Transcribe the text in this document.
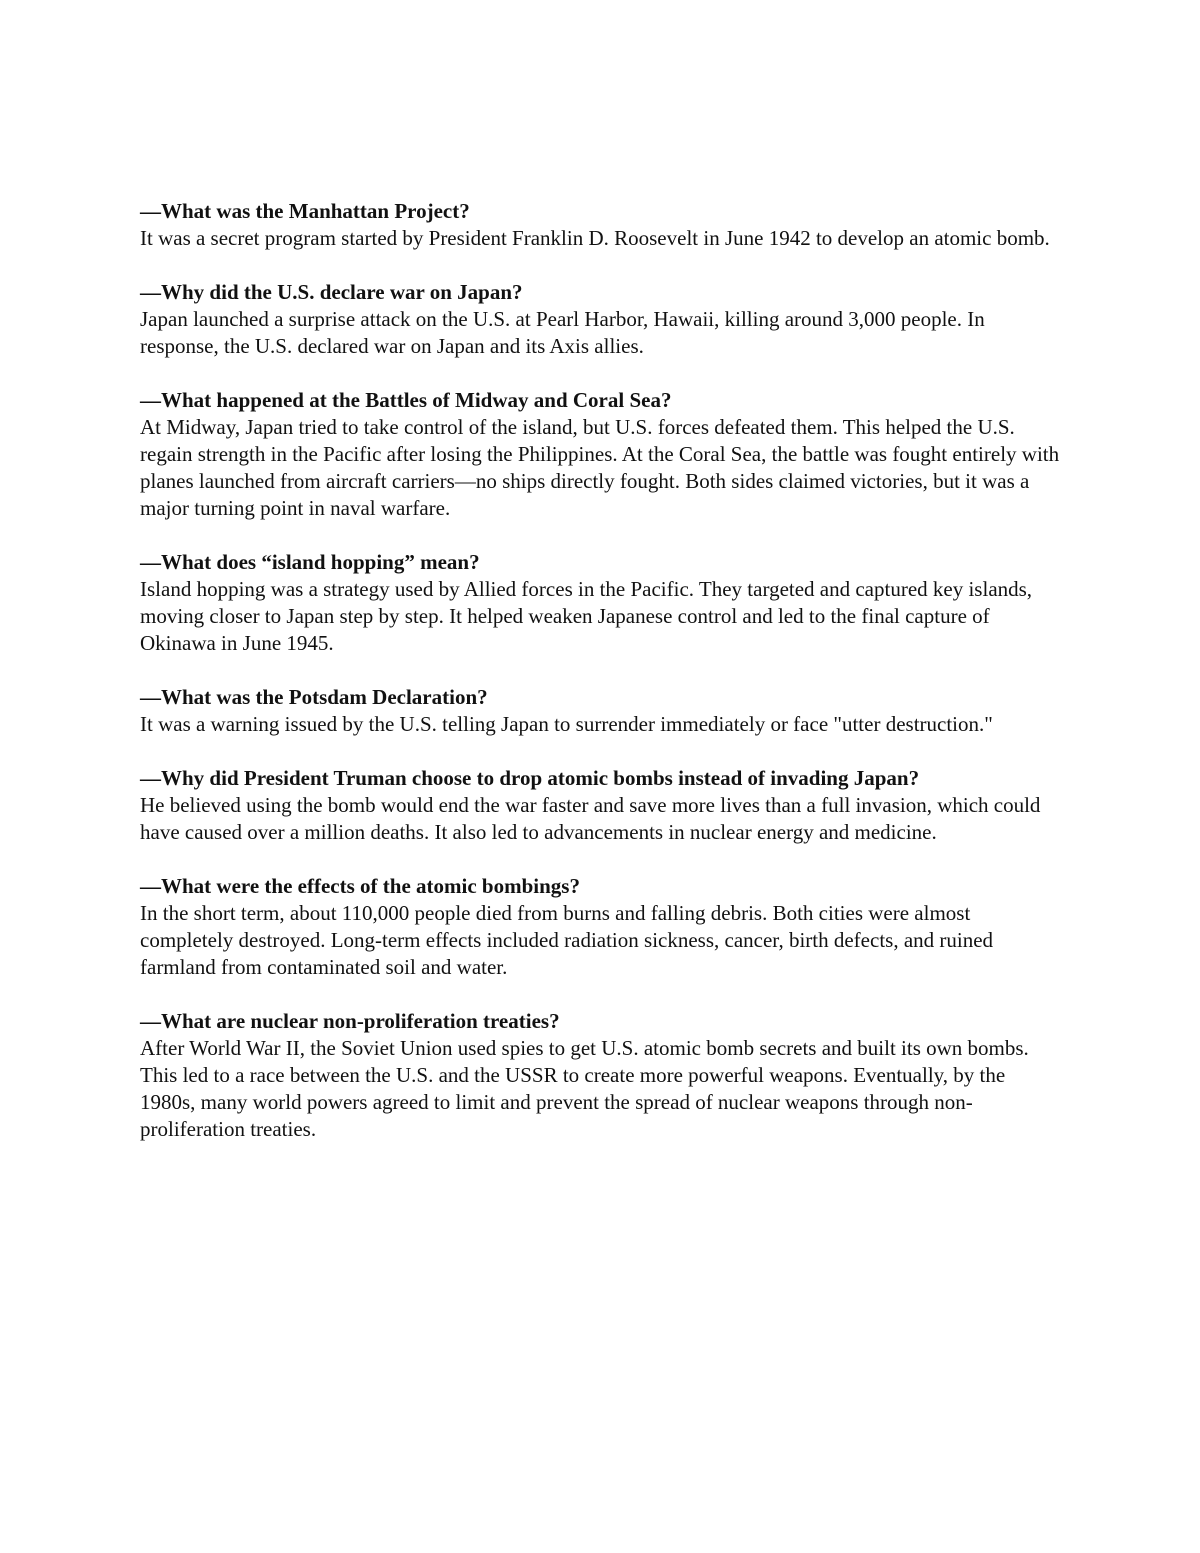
—What was the Manhattan Project?

It was a secret program started by President Franklin D. Roosevelt in June 1942 to develop an atomic bomb.

—Why did the U.S. declare war on Japan?

Japan launched a surprise attack on the U.S. at Pearl Harbor, Hawaii, killing around 3,000 people. In response, the U.S. declared war on Japan and its Axis allies.

—What happened at the Battles of Midway and Coral Sea?

At Midway, Japan tried to take control of the island, but U.S. forces defeated them. This helped the U.S. regain strength in the Pacific after losing the Philippines. At the Coral Sea, the battle was fought entirely with planes launched from aircraft carriers—no ships directly fought. Both sides claimed victories, but it was a major turning point in naval warfare.

—What does “island hopping” mean?

Island hopping was a strategy used by Allied forces in the Pacific. They targeted and captured key islands, moving closer to Japan step by step. It helped weaken Japanese control and led to the final capture of Okinawa in June 1945.

—What was the Potsdam Declaration?

It was a warning issued by the U.S. telling Japan to surrender immediately or face "utter destruction."

—Why did President Truman choose to drop atomic bombs instead of invading Japan?

He believed using the bomb would end the war faster and save more lives than a full invasion, which could have caused over a million deaths. It also led to advancements in nuclear energy and medicine.

—What were the effects of the atomic bombings?

In the short term, about 110,000 people died from burns and falling debris. Both cities were almost completely destroyed. Long-term effects included radiation sickness, cancer, birth defects, and ruined farmland from contaminated soil and water.

—What are nuclear non-proliferation treaties?

After World War II, the Soviet Union used spies to get U.S. atomic bomb secrets and built its own bombs. This led to a race between the U.S. and the USSR to create more powerful weapons. Eventually, by the 1980s, many world powers agreed to limit and prevent the spread of nuclear weapons through non-proliferation treaties.
